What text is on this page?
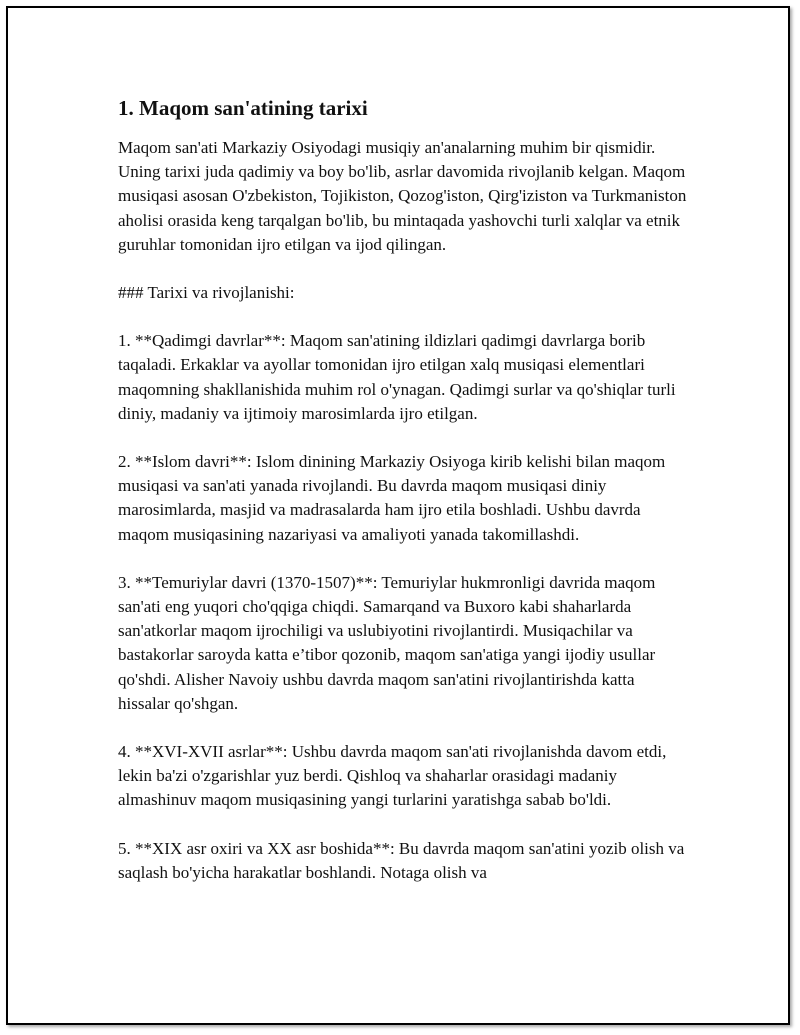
1. Maqom san'atining tarixi

Maqom san'ati Markaziy Osiyodagi musiqiy an'analarning muhim bir qismidir. Uning tarixi juda qadimiy va boy bo'lib, asrlar davomida rivojlanib kelgan. Maqom musiqasi asosan O'zbekiston, Tojikiston, Qozog'iston, Qirg'iziston va Turkmaniston aholisi orasida keng tarqalgan bo'lib, bu mintaqada yashovchi turli xalqlar va etnik guruhlar tomonidan ijro etilgan va ijod qilingan.

### Tarixi va rivojlanishi:

1. **Qadimgi davrlar**: Maqom san'atining ildizlari qadimgi davrlarga borib taqaladi. Erkaklar va ayollar tomonidan ijro etilgan xalq musiqasi elementlari maqomning shakllanishida muhim rol o'ynagan. Qadimgi surlar va qo'shiqlar turli diniy, madaniy va ijtimoiy marosimlarda ijro etilgan.

2. **Islom davri**: Islom dinining Markaziy Osiyoga kirib kelishi bilan maqom musiqasi va san'ati yanada rivojlandi. Bu davrda maqom musiqasi diniy marosimlarda, masjid va madrasalarda ham ijro etila boshladi. Ushbu davrda maqom musiqasining nazariyasi va amaliyoti yanada takomillashdi.

3. **Temuriylar davri (1370-1507)**: Temuriylar hukmronligi davrida maqom san'ati eng yuqori cho'qqiga chiqdi. Samarqand va Buxoro kabi shaharlarda san'atkorlar maqom ijrochiligi va uslubiyotini rivojlantirdi. Musiqachilar va bastakorlar saroyda katta e’tibor qozonib, maqom san'atiga yangi ijodiy usullar qo'shdi. Alisher Navoiy ushbu davrda maqom san'atini rivojlantirishda katta hissalar qo'shgan.

4. **XVI-XVII asrlar**: Ushbu davrda maqom san'ati rivojlanishda davom etdi, lekin ba'zi o'zgarishlar yuz berdi. Qishloq va shaharlar orasidagi madaniy almashinuv maqom musiqasining yangi turlarini yaratishga sabab bo'ldi.

5. **XIX asr oxiri va XX asr boshida**: Bu davrda maqom san'atini yozib olish va saqlash bo'yicha harakatlar boshlandi. Notaga olish va
